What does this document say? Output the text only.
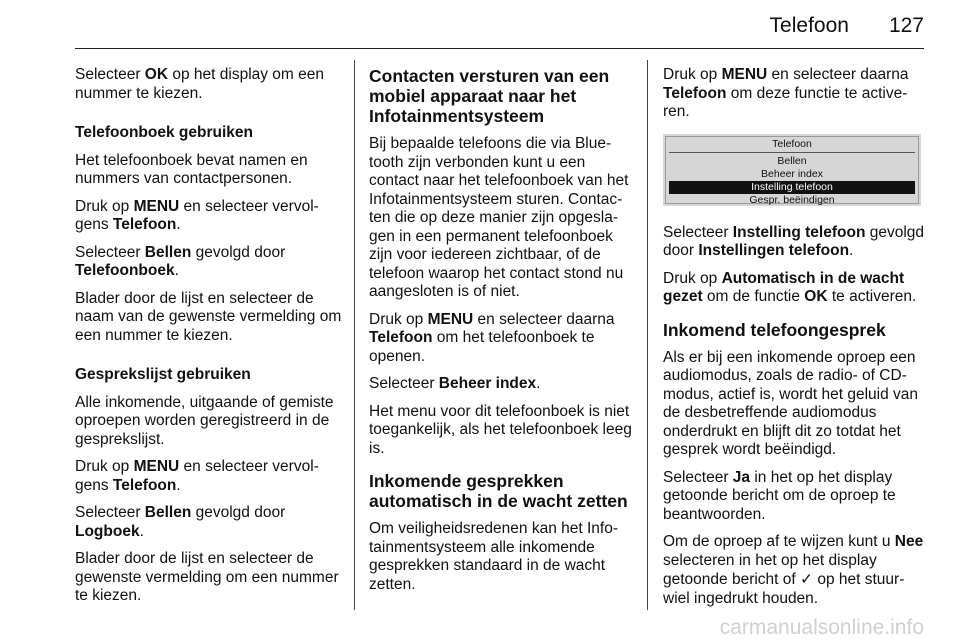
Telefoon 127

Selecteer OK op het display om een nummer te kiezen.

Telefoonboek gebruiken

Het telefoonboek bevat namen en nummers van contactpersonen.

Druk op MENU en selecteer vervol-gens Telefoon.

Selecteer Bellen gevolgd door Telefoonboek.

Blader door de lijst en selecteer de naam van de gewenste vermelding om een nummer te kiezen.

Gesprekslijst gebruiken

Alle inkomende, uitgaande of gemiste oproepen worden geregistreerd in de gesprekslijst.

Druk op MENU en selecteer vervol-gens Telefoon.

Selecteer Bellen gevolgd door Logboek.

Blader door de lijst en selecteer de gewenste vermelding om een nummer te kiezen.

Contacten versturen van een mobiel apparaat naar het Infotainmentsysteem

Bij bepaalde telefoons die via Blue-tooth zijn verbonden kunt u een contact naar het telefoonboek van het Infotainmentsysteem sturen. Contac-ten die op deze manier zijn opgesla-gen in een permanent telefoonboek zijn voor iedereen zichtbaar, of de telefoon waarop het contact stond nu aangesloten is of niet.

Druk op MENU en selecteer daarna Telefoon om het telefoonboek te openen.

Selecteer Beheer index.

Het menu voor dit telefoonboek is niet toegankelijk, als het telefoonboek leeg is.

Inkomende gesprekken automatisch in de wacht zetten

Om veiligheidsredenen kan het Info-tainmentsysteem alle inkomende gesprekken standaard in de wacht zetten.

Druk op MENU en selecteer daarna Telefoon om deze functie te active-ren.

Telefoon
Bellen
Beheer index
Instelling telefoon
Gespr. beëindigen

Selecteer Instelling telefoon gevolgd door Instellingen telefoon.

Druk op Automatisch in de wacht gezet om de functie OK te activeren.

Inkomend telefoongesprek

Als er bij een inkomende oproep een audiomodus, zoals de radio- of CD-modus, actief is, wordt het geluid van de desbetreffende audiomodus onderdrukt en blijft dit zo totdat het gesprek wordt beëindigd.

Selecteer Ja in het op het display getoonde bericht om de oproep te beantwoorden.

Om de oproep af te wijzen kunt u Nee selecteren in het op het display getoonde bericht of ✓ op het stuur-wiel ingedrukt houden.

carmanualsonline.info
